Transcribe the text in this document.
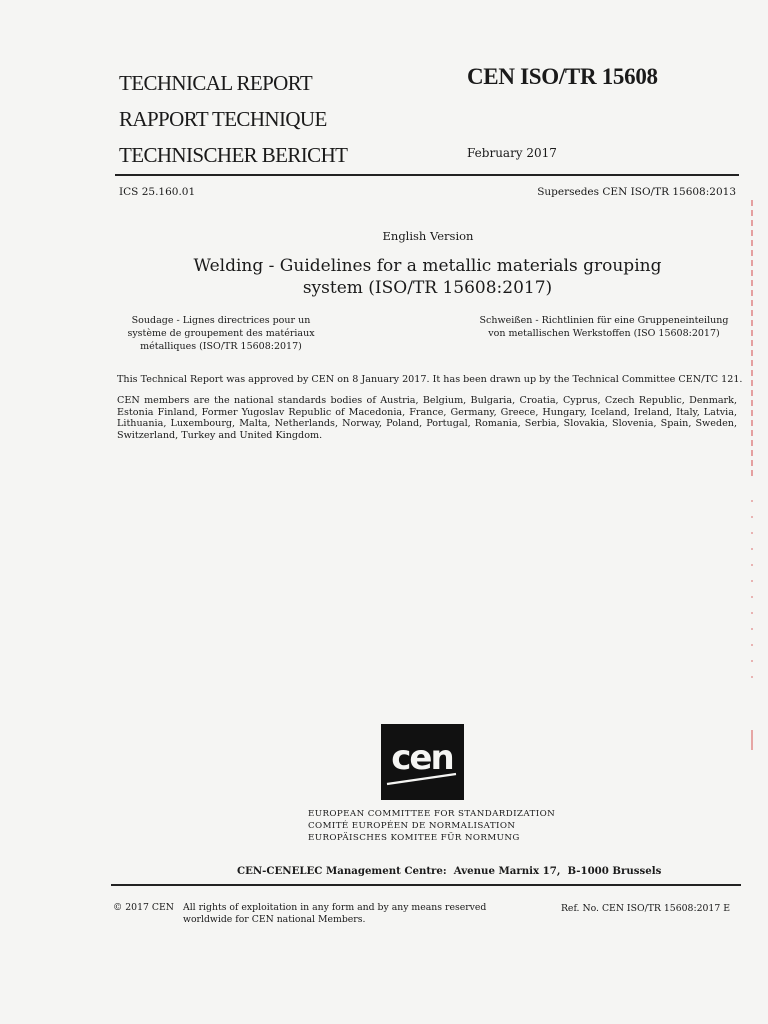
TECHNICAL REPORT
RAPPORT TECHNIQUE
TECHNISCHER BERICHT
CEN ISO/TR 15608
February 2017
ICS 25.160.01	Supersedes CEN ISO/TR 15608:2013
English Version
Welding - Guidelines for a metallic materials grouping system (ISO/TR 15608:2017)
Soudage - Lignes directrices pour un système de groupement des matériaux métalliques (ISO/TR 15608:2017)
Schweißen - Richtlinien für eine Gruppeneinteilung von metallischen Werkstoffen (ISO 15608:2017)
This Technical Report was approved by CEN on 8 January 2017. It has been drawn up by the Technical Committee CEN/TC 121.
CEN members are the national standards bodies of Austria, Belgium, Bulgaria, Croatia, Cyprus, Czech Republic, Denmark, Estonia Finland, Former Yugoslav Republic of Macedonia, France, Germany, Greece, Hungary, Iceland, Ireland, Italy, Latvia, Lithuania, Luxembourg, Malta, Netherlands, Norway, Poland, Portugal, Romania, Serbia, Slovakia, Slovenia, Spain, Sweden, Switzerland, Turkey and United Kingdom.
cen
EUROPEAN COMMITTEE FOR STANDARDIZATION
COMITÉ EUROPÉEN DE NORMALISATION
EUROPÄISCHES KOMITEE FÜR NORMUNG
CEN-CENELEC Management Centre:  Avenue Marnix 17,  B-1000 Brussels
© 2017 CEN All rights of exploitation in any form and by any means reserved worldwide for CEN national Members.
Ref. No. CEN ISO/TR 15608:2017 E
